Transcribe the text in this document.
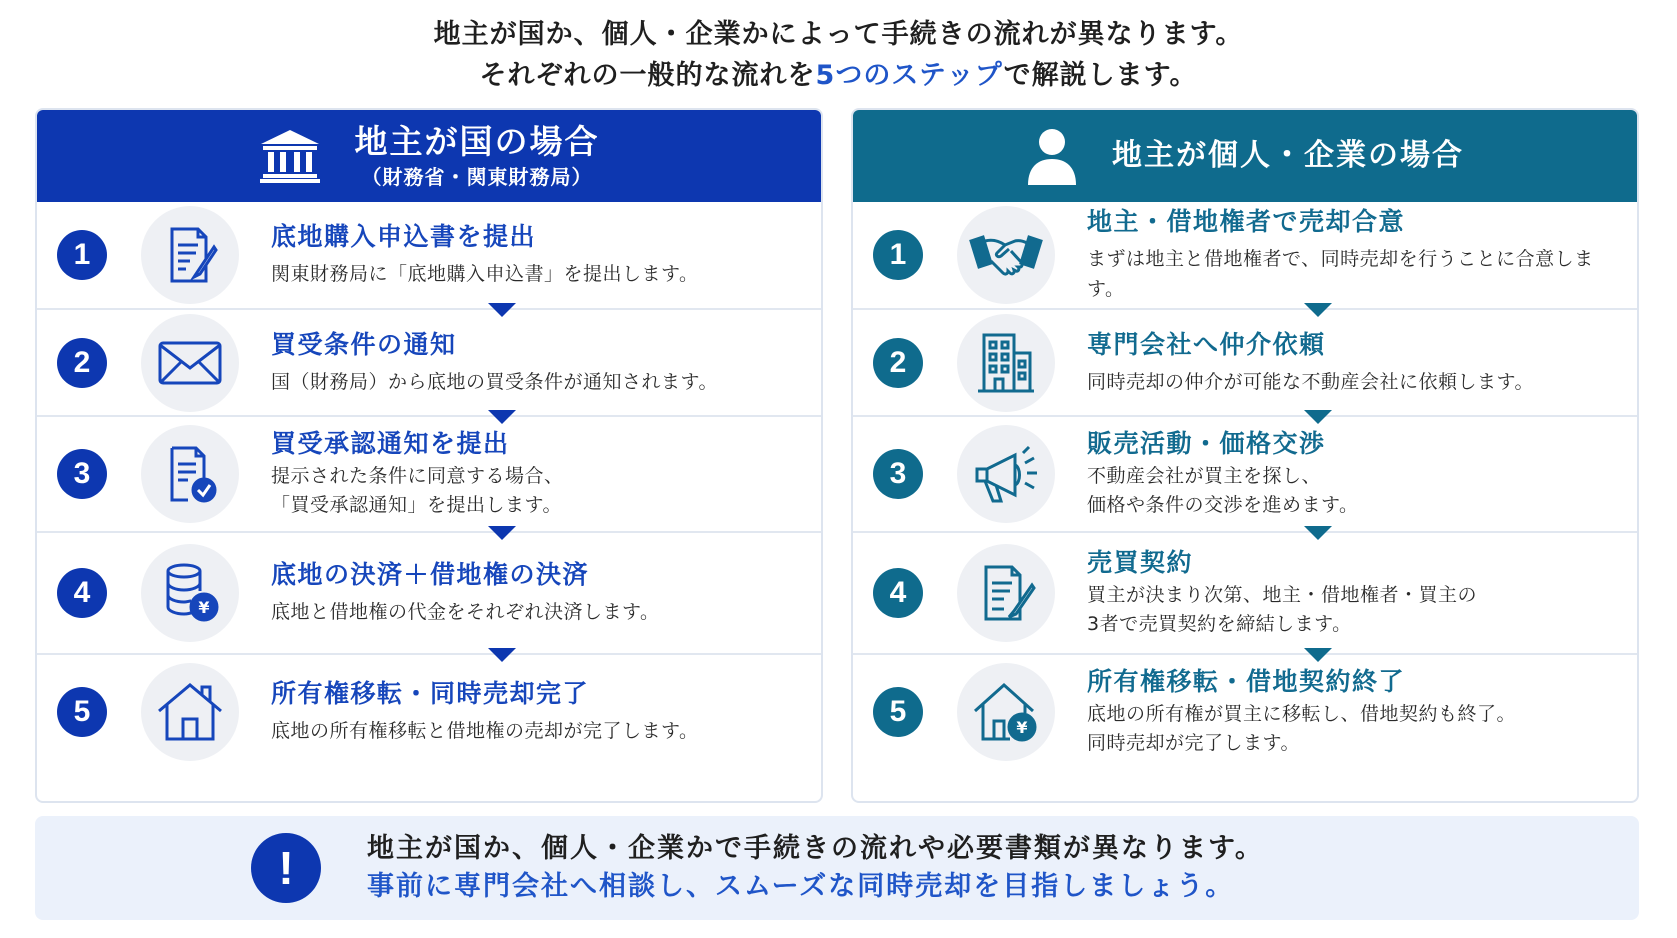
地主が国か、個人・企業かによって手続きの流れが異なります。
それぞれの一般的な流れを5つのステップで解説します。
地主が国の場合
（財務省・関東財務局）
1
底地購入申込書を提出
関東財務局に「底地購入申込書」を提出します。
2
買受条件の通知
国（財務局）から底地の買受条件が通知されます。
3
買受承認通知を提出
提示された条件に同意する場合、
「買受承認通知」を提出します。
4	¥
底地の決済＋借地権の決済
底地と借地権の代金をそれぞれ決済します。
5
所有権移転・同時売却完了
底地の所有権移転と借地権の売却が完了します。
地主が個人・企業の場合
1
地主・借地権者で売却合意
まずは地主と借地権者で、同時売却を行うことに合意します。
2
専門会社へ仲介依頼
同時売却の仲介が可能な不動産会社に依頼します。
3
販売活動・価格交渉
不動産会社が買主を探し、
価格や条件の交渉を進めます。
4
売買契約
買主が決まり次第、地主・借地権者・買主の
3者で売買契約を締結します。
5	¥
所有権移転・借地契約終了
底地の所有権が買主に移転し、借地契約も終了。
同時売却が完了します。
!	地主が国か、個人・企業かで手続きの流れや必要書類が異なります。
事前に専門会社へ相談し、スムーズな同時売却を目指しましょう。
